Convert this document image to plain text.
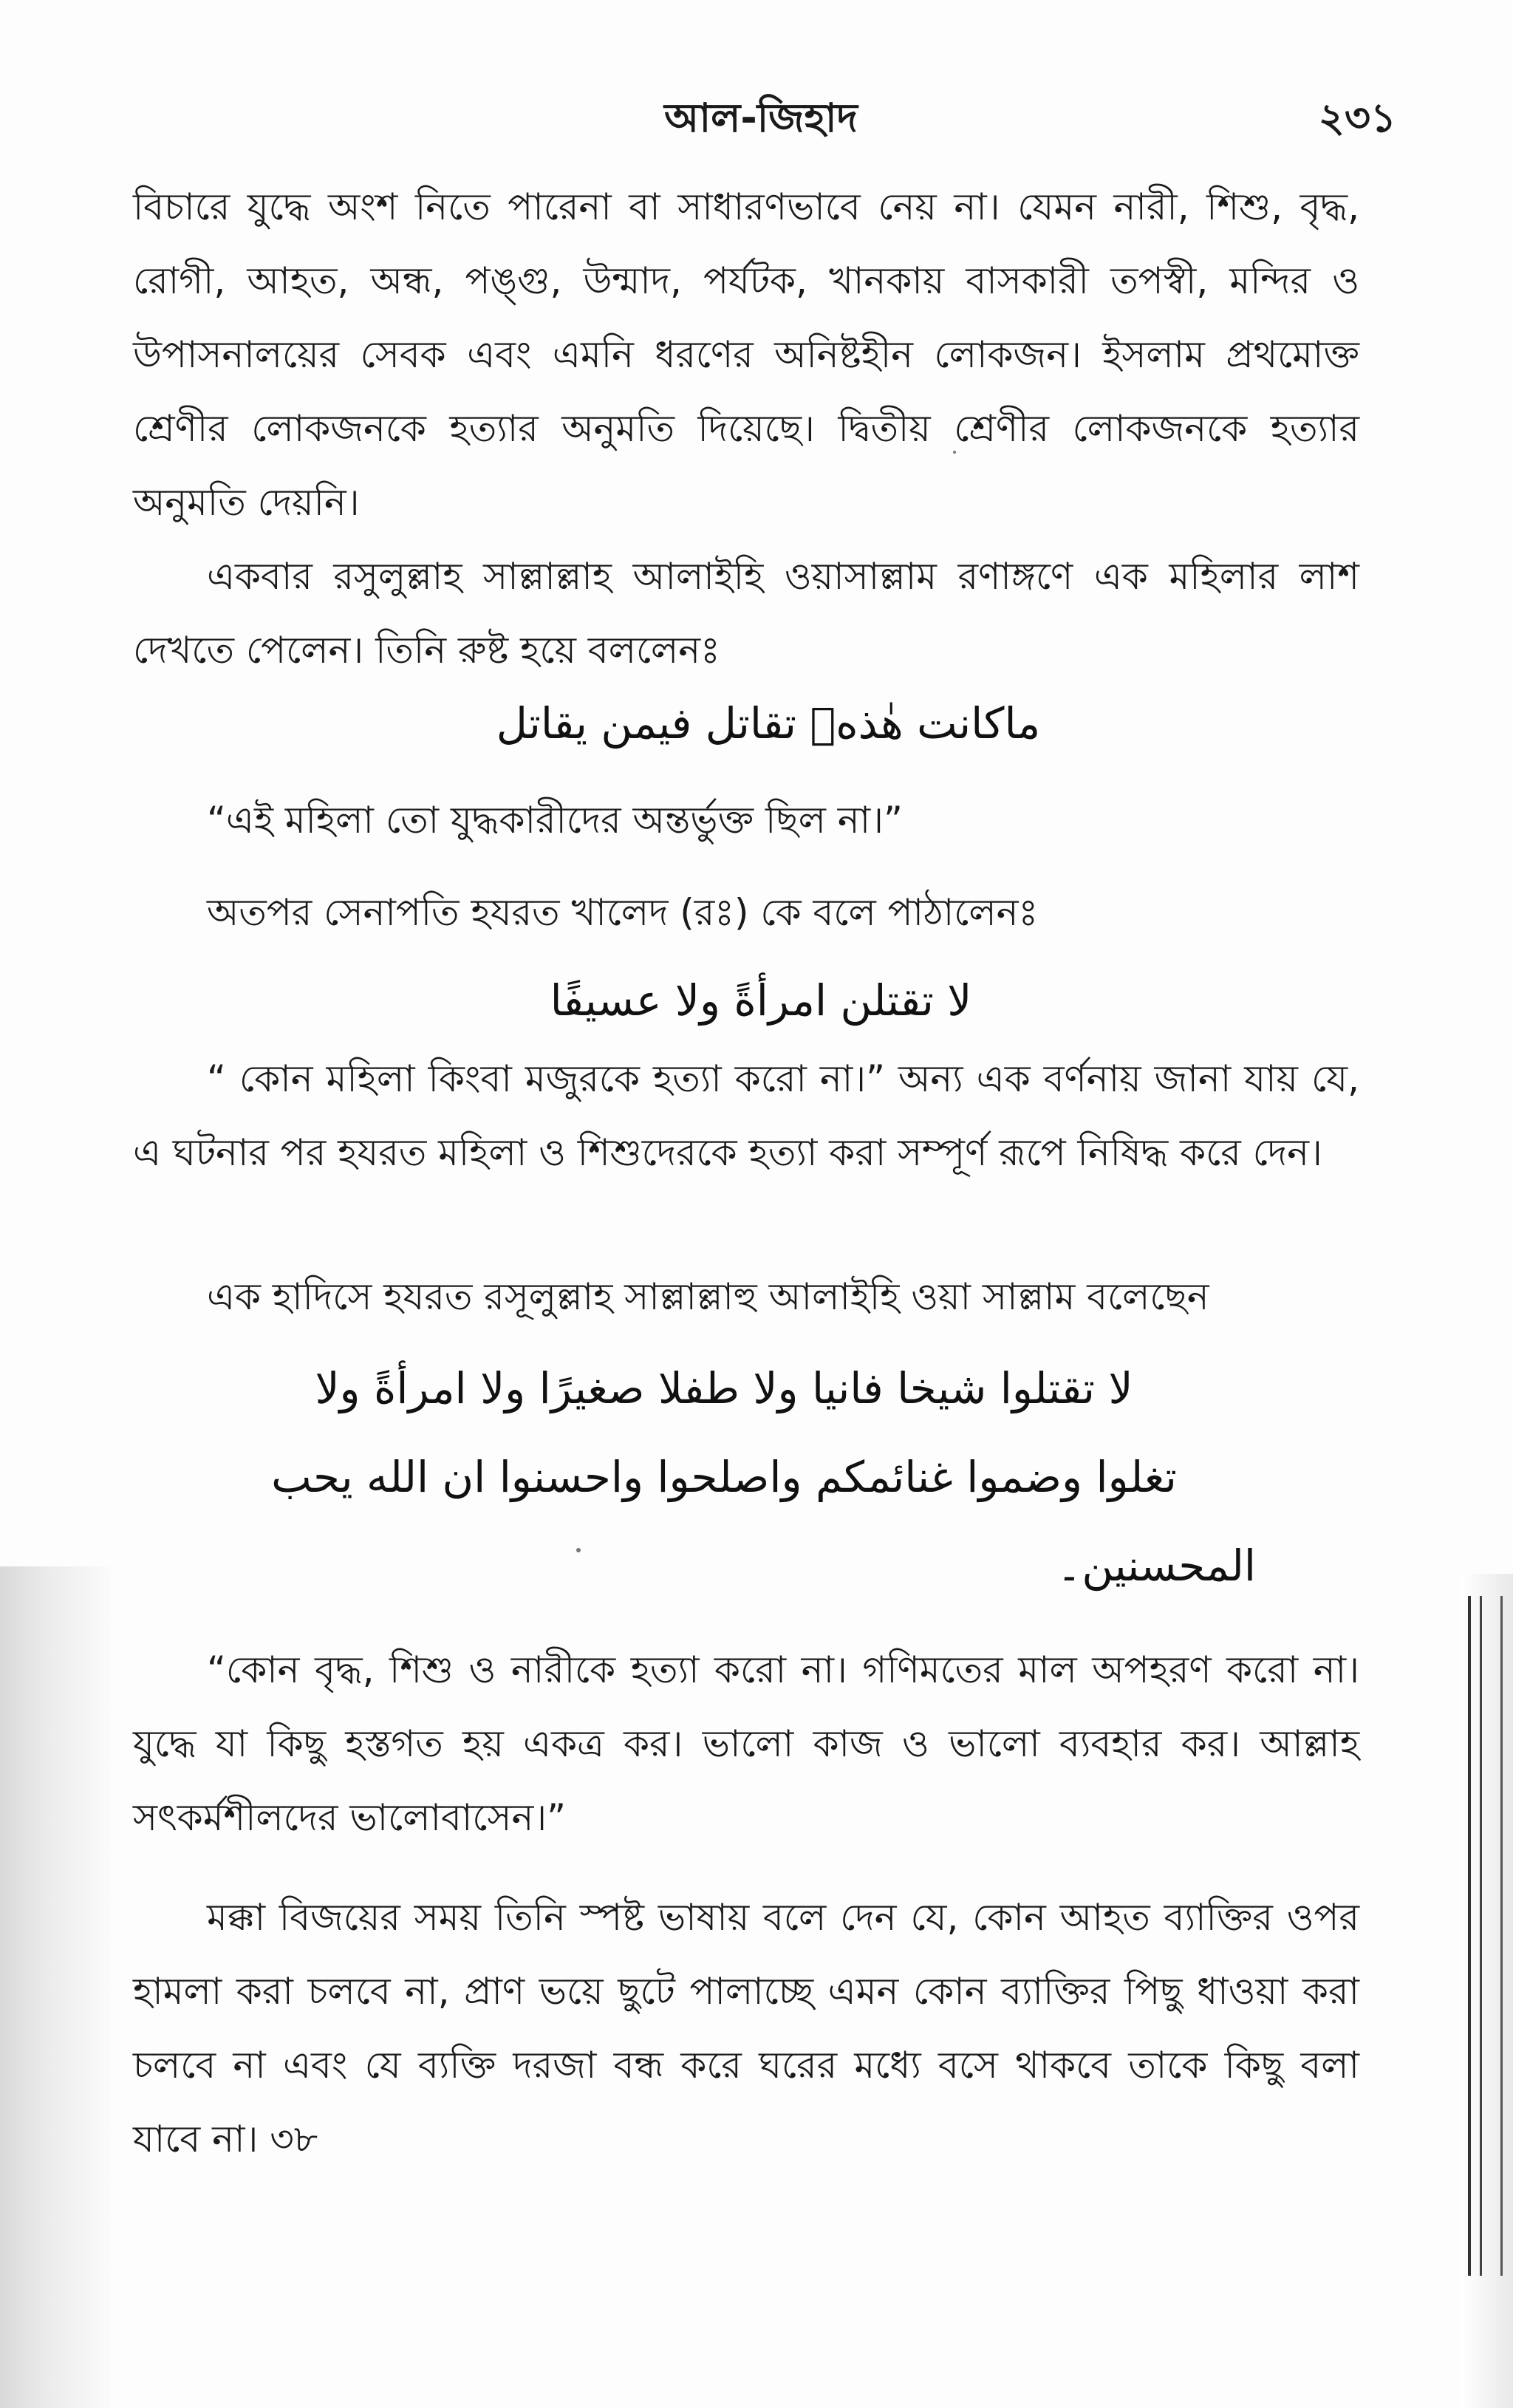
আল-জিহাদ	২৩১

বিচারে যুদ্ধে অংশ নিতে পারেনা বা সাধারণভাবে নেয় না। যেমন নারী, শিশু, বৃদ্ধ, রোগী, আহত, অন্ধ, পঙ্গু, উন্মাদ, পর্যটক, খানকায় বাসকারী তপস্বী, মন্দির ও উপাসনালয়ের সেবক এবং এমনি ধরণের অনিষ্টহীন লোকজন। ইসলাম প্রথমোক্ত শ্রেণীর লোকজনকে হত্যার অনুমতি দিয়েছে। দ্বিতীয় শ্রেণীর লোকজনকে হত্যার অনুমতি দেয়নি।

একবার রসুলুল্লাহ সাল্লাল্লাহ আলাইহি ওয়াসাল্লাম রণাঙ্গণে এক মহিলার লাশ দেখতে পেলেন। তিনি রুষ্ট হয়ে বললেনঃ

ماكانت هٰذهٖ تقاتل فيمن يقاتل
“এই মহিলা তো যুদ্ধকারীদের অন্তর্ভুক্ত ছিল না।”
অতপর সেনাপতি হযরত খালেদ (রঃ) কে বলে পাঠালেনঃ
لا تقتلن امرأةً ولا عسيفًا

“ কোন মহিলা কিংবা মজুরকে হত্যা করো না।” অন্য এক বর্ণনায় জানা যায় যে, এ ঘটনার পর হযরত মহিলা ও শিশুদেরকে হত্যা করা সম্পূর্ণ রূপে নিষিদ্ধ করে দেন।

এক হাদিসে হযরত রসূলুল্লাহ সাল্লাল্লাহু আলাইহি ওয়া সাল্লাম বলেছেন
لا تقتلوا شيخا فانيا ولا طفلا صغيرًا ولا امرأةً ولا
تغلوا وضموا غنائمكم واصلحوا واحسنوا ان الله يحب
المحسنين۔

“কোন বৃদ্ধ, শিশু ও নারীকে হত্যা করো না। গণিমতের মাল অপহরণ করো না। যুদ্ধে যা কিছু হস্তগত হয় একত্র কর। ভালো কাজ ও ভালো ব্যবহার কর। আল্লাহ সৎকর্মশীলদের ভালোবাসেন।”

মক্কা বিজয়ের সময় তিনি স্পষ্ট ভাষায় বলে দেন যে, কোন আহত ব্যাক্তির ওপর হামলা করা চলবে না, প্রাণ ভয়ে ছুটে পালাচ্ছে এমন কোন ব্যাক্তির পিছু ধাওয়া করা চলবে না এবং যে ব্যক্তি দরজা বন্ধ করে ঘরের মধ্যে বসে থাকবে তাকে কিছু বলা যাবে না। ৩৮
